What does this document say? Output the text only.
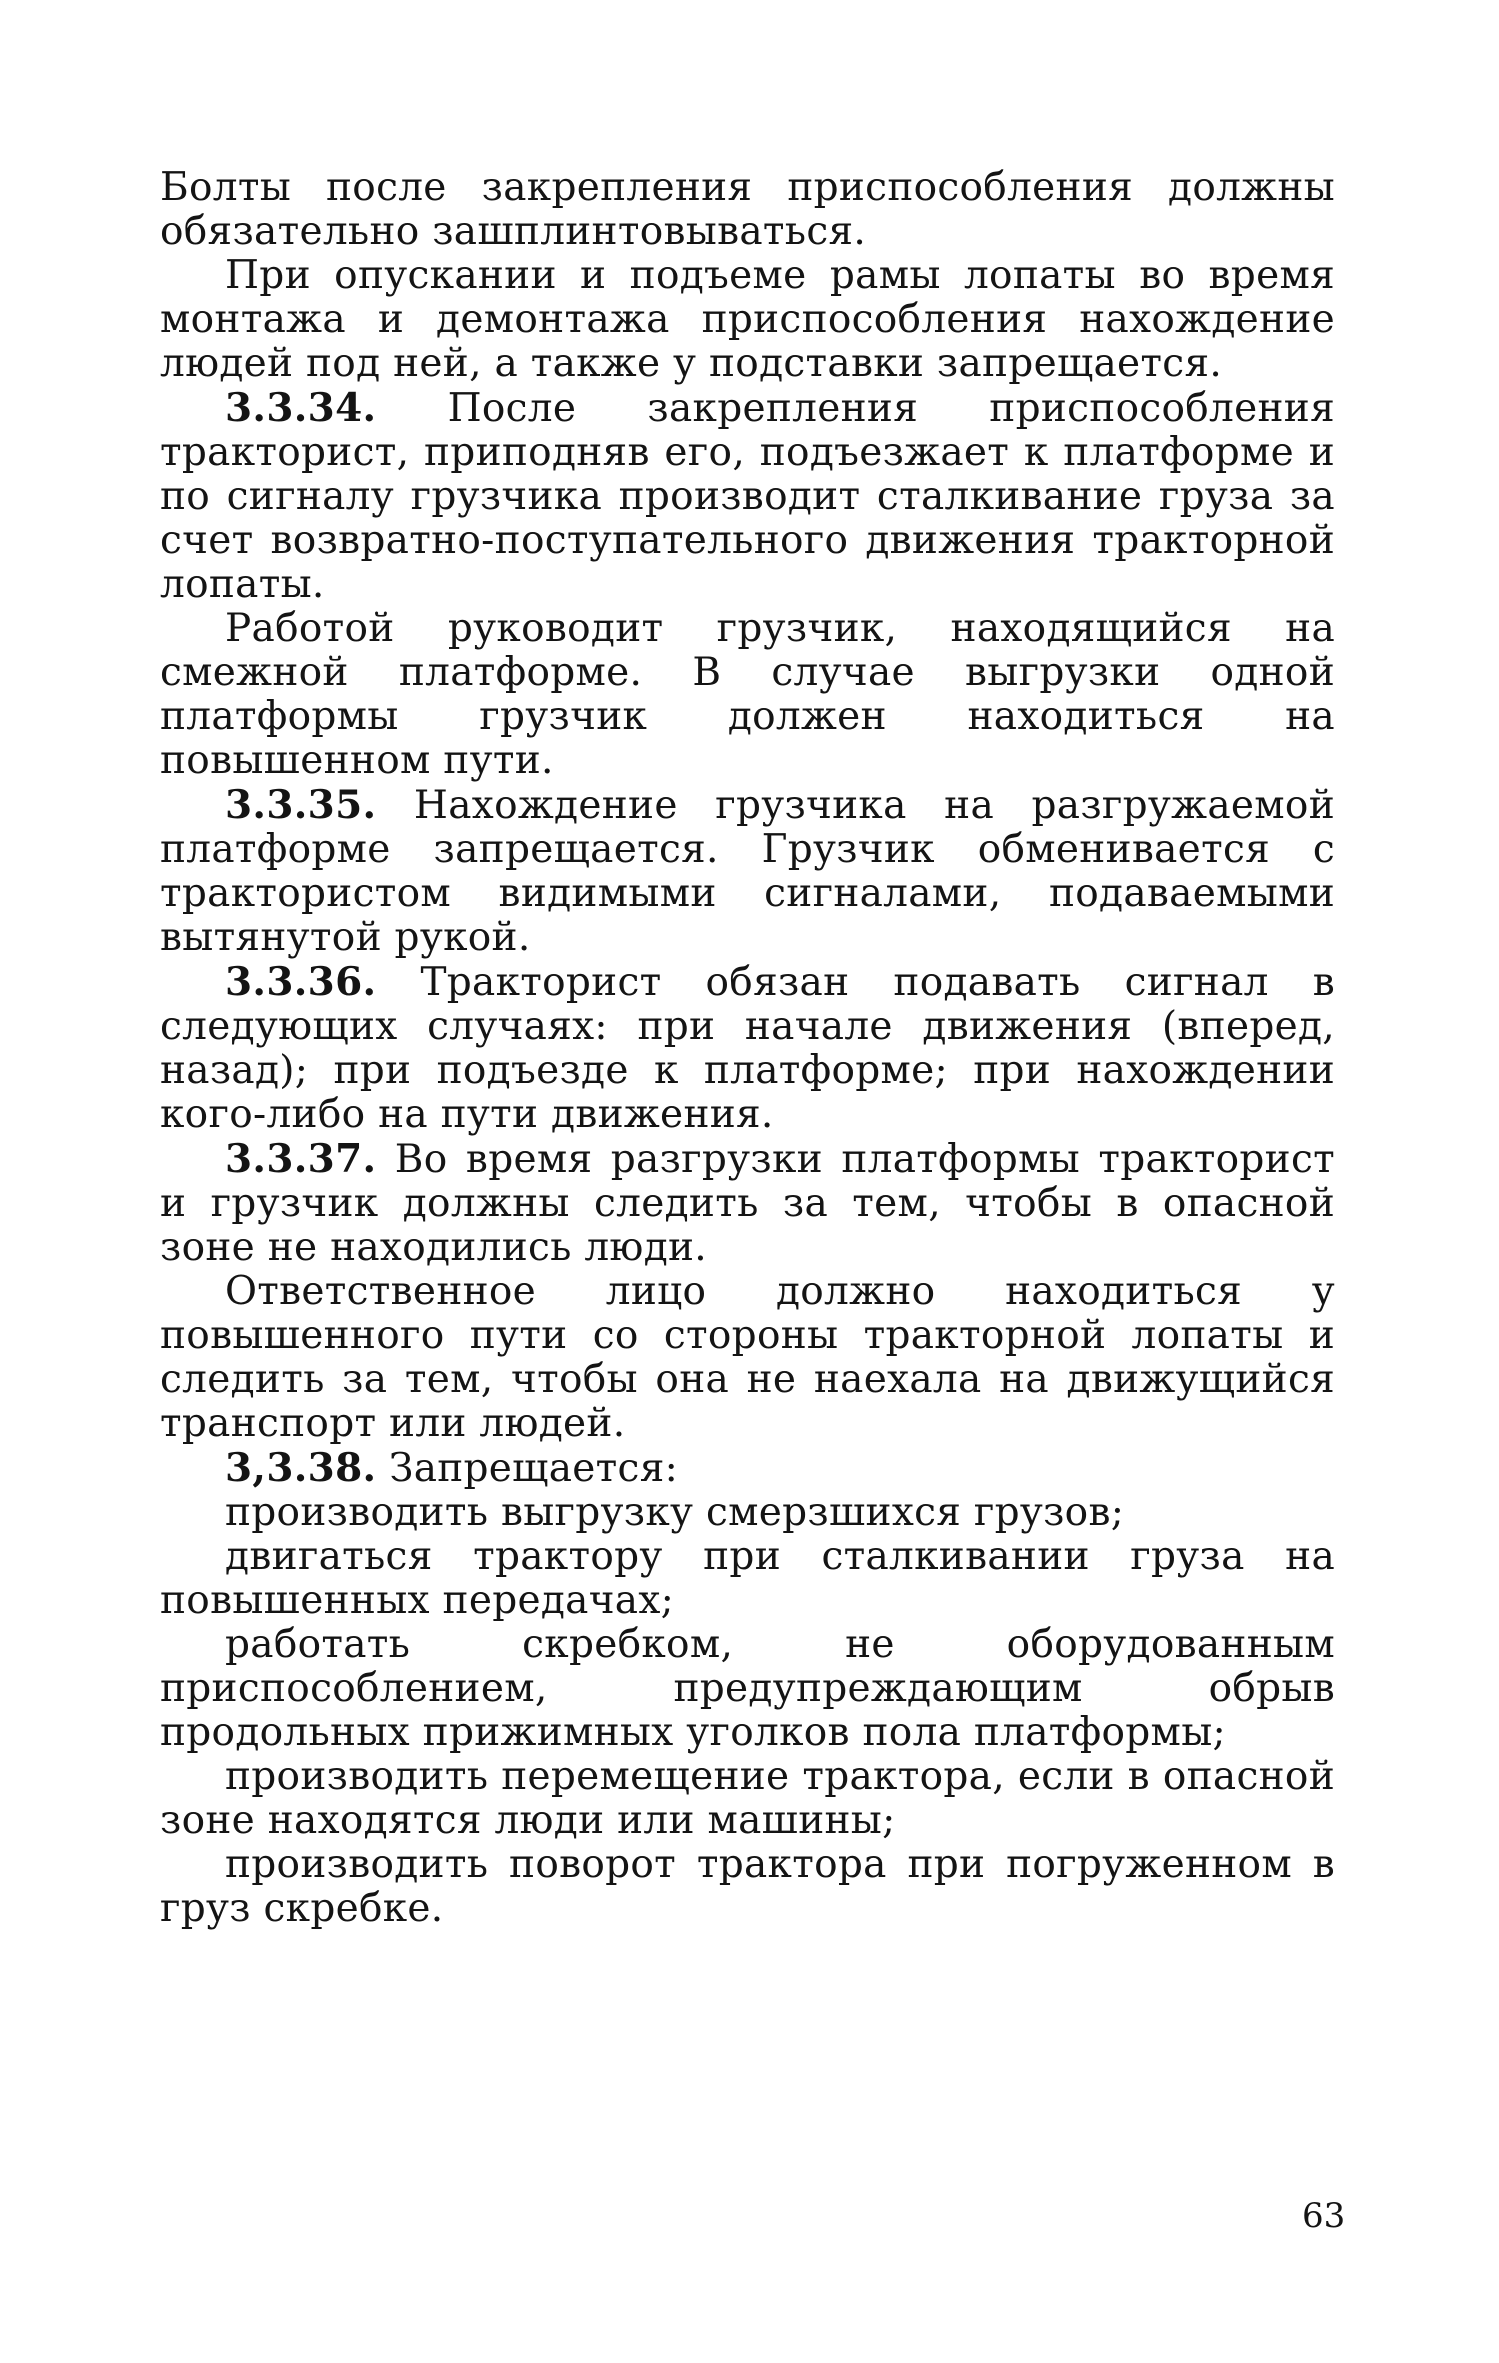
Болты после закрепления приспособления должны обязательно зашплинтовываться.

При опускании и подъеме рамы лопаты во время монтажа и демонтажа приспособления нахождение людей под ней, а также у подставки запрещается.

3.3.34. После закрепления приспособления тракторист, приподняв его, подъезжает к платформе и по сигналу грузчика производит сталкивание груза за счет возвратно-поступательного движения тракторной лопаты.

Работой руководит грузчик, находящийся на смежной платформе. В случае выгрузки одной платформы грузчик должен находиться на повышенном пути.

3.3.35. Нахождение грузчика на разгружаемой платформе запрещается. Грузчик обменивается с трактористом видимыми сигналами, подаваемыми вытянутой рукой.

3.3.36. Тракторист обязан подавать сигнал в следующих случаях: при начале движения (вперед, назад); при подъезде к платформе; при нахождении кого-либо на пути движения.

3.3.37. Во время разгрузки платформы тракторист и грузчик должны следить за тем, чтобы в опасной зоне не находились люди.

Ответственное лицо должно находиться у повышенного пути со стороны тракторной лопаты и следить за тем, чтобы она не наехала на движущийся транспорт или людей.

3,3.38. Запрещается:

производить выгрузку смерзшихся грузов;

двигаться трактору при сталкивании груза на повышенных передачах;

работать скребком, не оборудованным приспособлением, предупреждающим обрыв продольных прижимных уголков пола платформы;

производить перемещение трактора, если в опасной зоне находятся люди или машины;

производить поворот трактора при погруженном в груз скребке.

63
